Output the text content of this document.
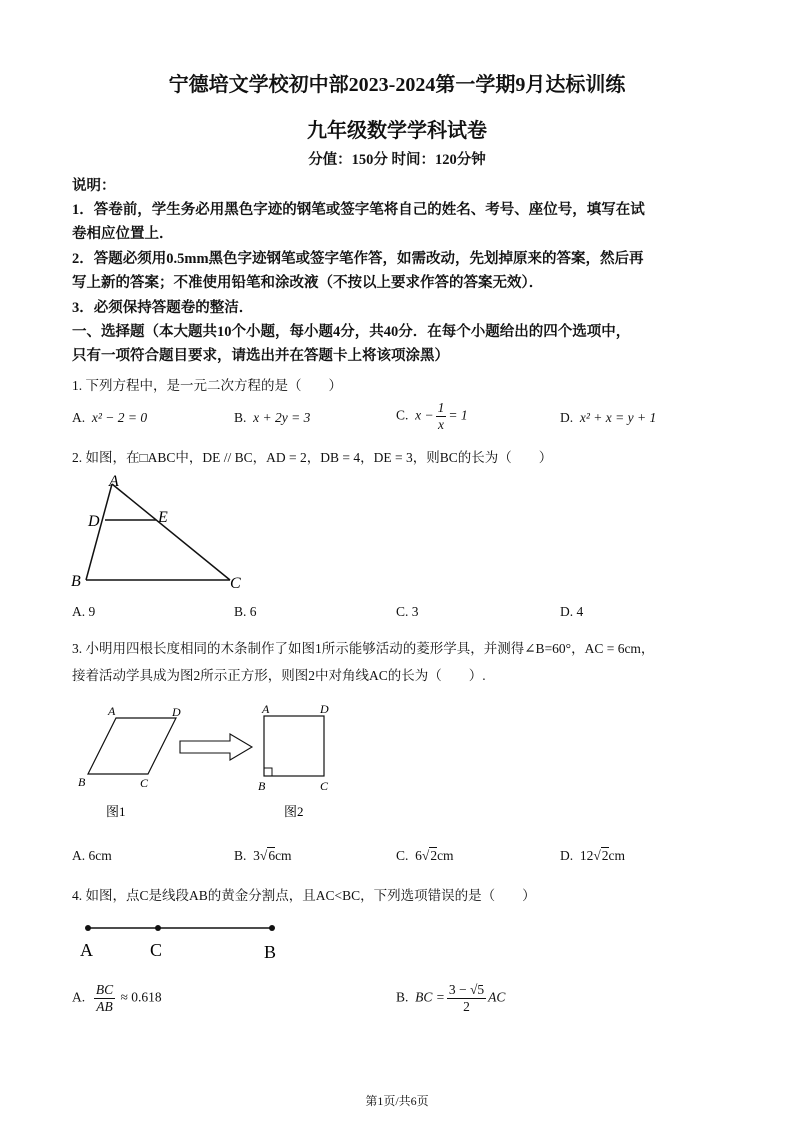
宁德培文学校初中部2023-2024第一学期9月达标训练
九年级数学学科试卷
分值：150分 时间：120分钟
说明：
1．答卷前，学生务必用黑色字迹的钢笔或签字笔将自己的姓名、考号、座位号，填写在试
卷相应位置上．
2．答题必须用0.5mm黑色字迹钢笔或签字笔作答，如需改动，先划掉原来的答案，然后再
写上新的答案；不准使用铅笔和涂改液（不按以上要求作答的答案无效）．
3．必须保持答题卷的整洁．
一、选择题（本大题共10个小题，每小题4分，共40分．在每个小题给出的四个选项中，
只有一项符合题目要求，请选出并在答题卡上将该项涂黑）
1. 下列方程中，是一元二次方程的是（　　）
A. x² − 2 = 0	B. x + 2y = 3	C. $x - \frac{1}{x} = 1$	D. x² + x = y + 1
2. 如图，在□ABC中，DE // BC，AD = 2，DB = 4，DE = 3，则BC的长为（　　）
A
D	E
B	C
A. 9	B. 6	C. 3	D. 4
3. 小明用四根长度相同的木条制作了如图1所示能够活动的菱形学具，并测得∠B=60°，AC = 6cm，
接着活动学具成为图2所示正方形，则图2中对角线AC的长为（　　）.
A	D
B	C
图1
A	D
B	C
图2
A. 6cm	B. 3√6cm	C. 6√2cm	D. 12√2cm
4. 如图，点C是线段AB的黄金分割点，且AC<BC，下列选项错误的是（　　）
A	C	B
A. $\frac{BC}{AB} \approx 0.618$	B. BC = $\frac{3 - √5}{2}$ AC
第1页/共6页
